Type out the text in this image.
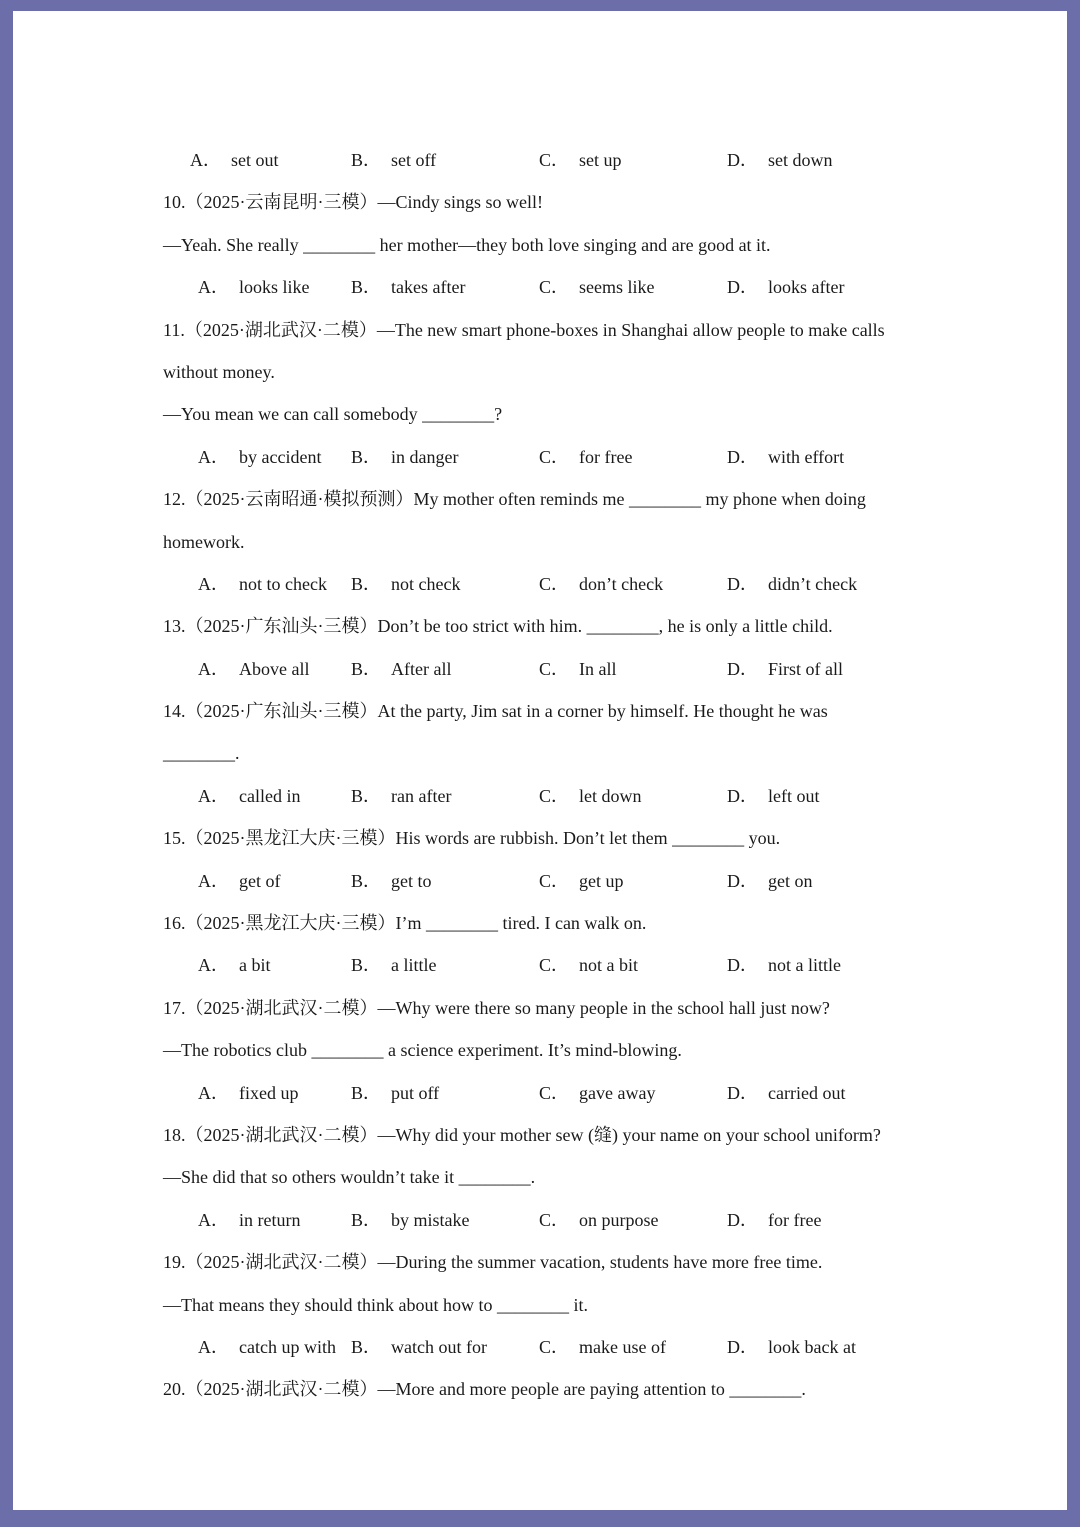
A． set out	B． set off	C． set up	D． set down
10.（2025·云南昆明·三模）—Cindy sings so well!
—Yeah. She really ________ her mother—they both love singing and are good at it.
A． looks like B． takes after	C． seems like	D． looks after
11.（2025·湖北武汉·二模）—The new smart phone-boxes in Shanghai allow people to make calls
without money.
—You mean we can call somebody ________?
A． by accident B． in danger	C． for free	D． with effort
12.（2025·云南昭通·模拟预测）My mother often reminds me ________ my phone when doing
homework.
A． not to check B． not check	C． don’t check	D． didn’t check
13.（2025·广东汕头·三模）Don’t be too strict with him. ________, he is only a little child.
A． Above all B． After all	C． In all	D． First of all
14.（2025·广东汕头·三模）At the party, Jim sat in a corner by himself. He thought he was
________.
A． called in	B． ran after	C． let down	D． left out
15.（2025·黑龙江大庆·三模）His words are rubbish. Don’t let them ________ you.
A． get of	B． get to	C． get up	D． get on
16.（2025·黑龙江大庆·三模）I’m ________ tired. I can walk on.
A． a bit	B． a little	C． not a bit	D． not a little
17.（2025·湖北武汉·二模）—Why were there so many people in the school hall just now?
—The robotics club ________ a science experiment. It’s mind-blowing.
A． fixed up	B． put off	C． gave away	D． carried out
18.（2025·湖北武汉·二模）—Why did your mother sew (缝) your name on your school uniform?
—She did that so others wouldn’t take it ________.
A． in return	B． by mistake	C． on purpose	D． for free
19.（2025·湖北武汉·二模）—During the summer vacation, students have more free time.
—That means they should think about how to ________ it.
A． catch up with B． watch out for	C． make use of	D． look back at
20.（2025·湖北武汉·二模）—More and more people are paying attention to ________.
